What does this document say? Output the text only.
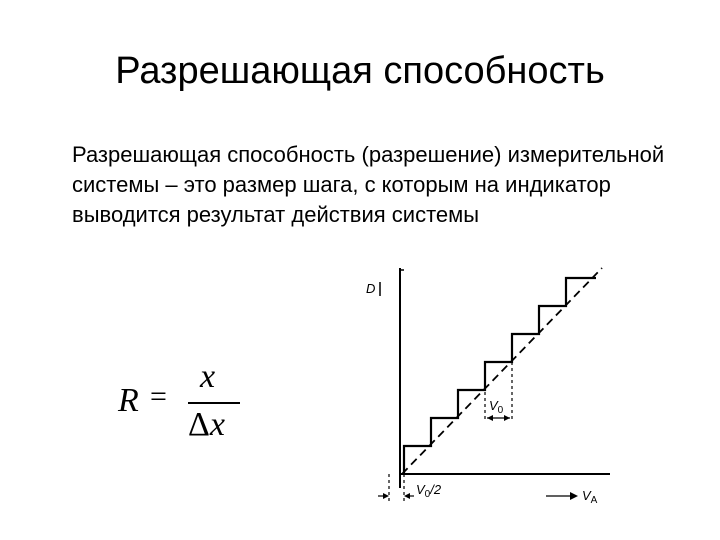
Разрешающая способность
Разрешающая способность (разрешение) измерительной системы – это размер шага, с которым на индикатор выводится результат действия системы
R =
x
Δx
D
$V_0$
$V_0/2$	$V_A$
